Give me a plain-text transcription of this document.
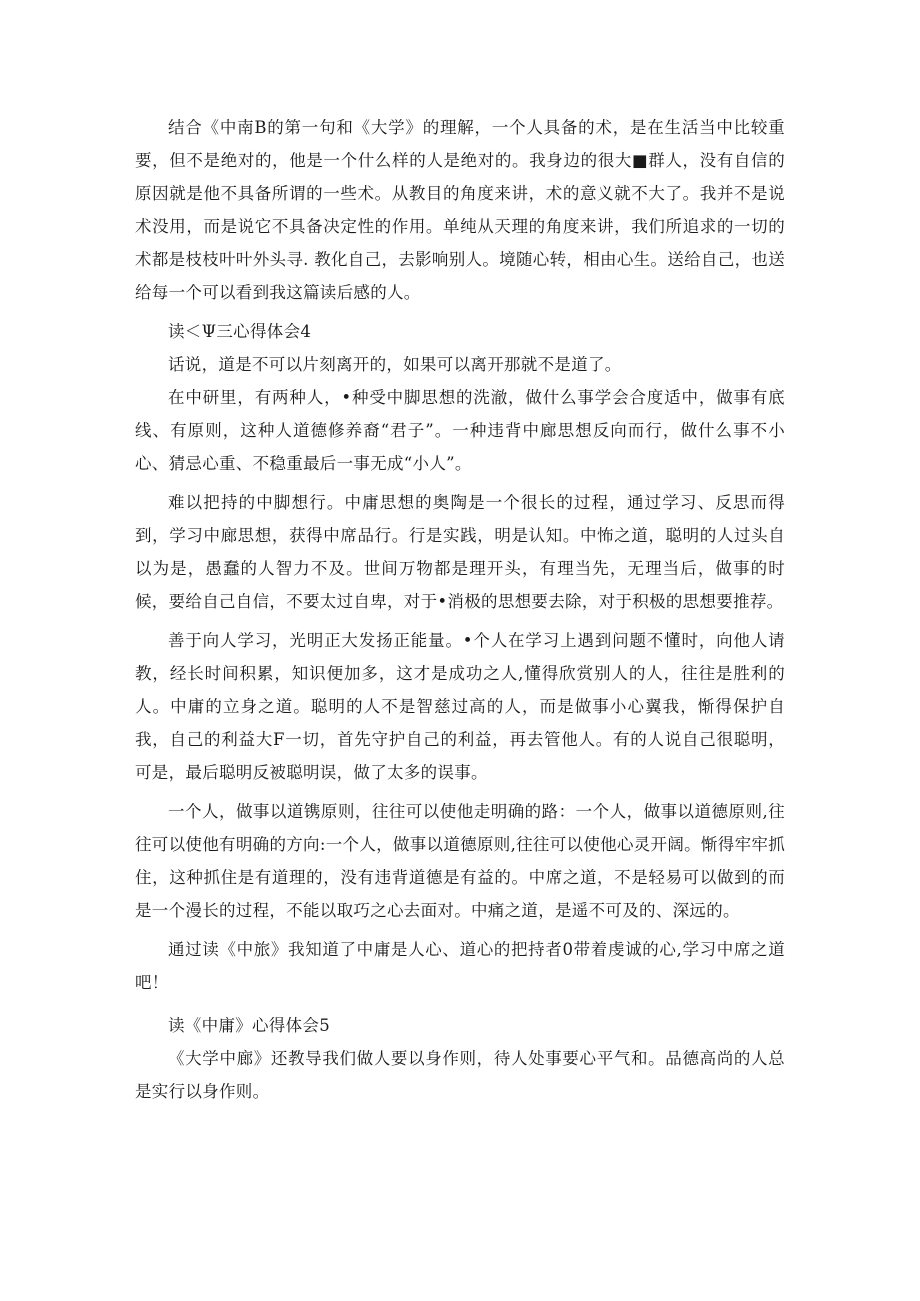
结合《中南B的第一句和《大学》的理解，一个人具备的术，是在生活当中比较重要，但不是绝对的，他是一个什么样的人是绝对的。我身边的很大■群人，没有自信的原因就是他不具备所谓的一些术。从教目的角度来讲，术的意义就不大了。我并不是说术没用，而是说它不具备决定性的作用。单纯从天理的角度来讲，我们所追求的一切的术都是枝枝叶叶外头寻. 教化自己，去影响别人。境随心转，相由心生。送给自己，也送给每一个可以看到我这篇读后感的人。

读＜Ψ三心得体会4

话说，道是不可以片刻离开的，如果可以离开那就不是道了。

在中研里，有两种人，•种受中脚思想的洗澈，做什么事学会合度适中，做事有底线、有原则，这种人道德修养裔“君子”。一种违背中廊思想反向而行，做什么事不小心、猜忌心重、不稳重最后一事无成“小人”。

难以把持的中脚想行。中庸思想的奥陶是一个很长的过程，通过学习、反思而得到，学习中廊思想，获得中席品行。行是实践，明是认知。中怖之道，聪明的人过头自以为是，愚蠢的人智力不及。世间万物都是理开头，有理当先，无理当后，做事的时候，要给自己自信，不要太过自卑，对于•消极的思想要去除，对于积极的思想要推荐。

善于向人学习，光明正大发扬正能量。•个人在学习上遇到问题不懂时，向他人请教，经长时间积累，知识便加多，这才是成功之人,懂得欣赏别人的人，往往是胜利的人。中庸的立身之道。聪明的人不是智慈过高的人，而是做事小心翼我，惭得保护自我，自己的利益大F一切，首先守护自己的利益，再去管他人。有的人说自己很聪明，可是，最后聪明反被聪明误，做了太多的误事。

一个人，做事以道镌原则，往往可以使他走明确的路：一个人，做事以道德原则,往往可以使他有明确的方向:一个人，做事以道德原则,往往可以使他心灵开阔。惭得牢牢抓住，这种抓住是有道理的，没有违背道德是有益的。中席之道，不是轻易可以做到的而是一个漫长的过程，不能以取巧之心去面对。中痛之道，是遥不可及的、深远的。

通过读《中旅》我知道了中庸是人心、道心的把持者0带着虔诚的心,学习中席之道吧！

读《中庸》心得体会5

《大学中廊》还教导我们做人要以身作则，待人处事要心平气和。品德高尚的人总是实行以身作则。
